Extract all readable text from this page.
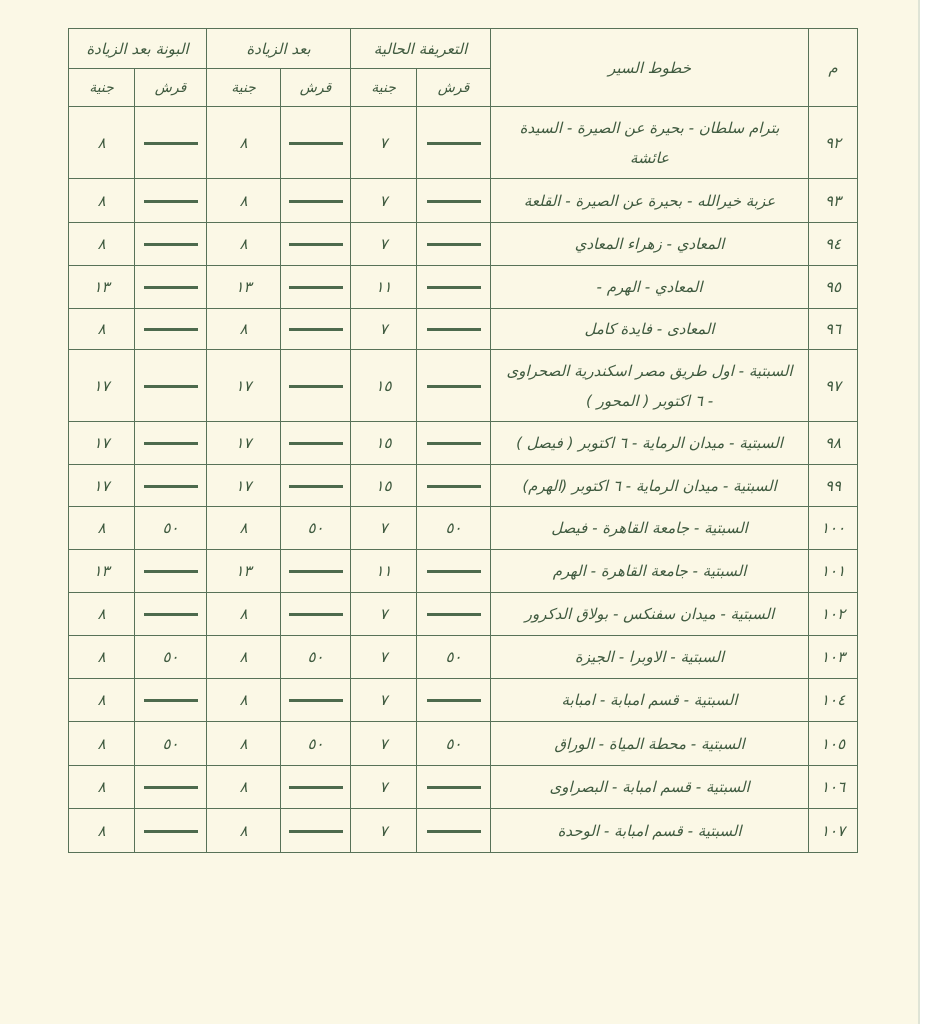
م	خطوط السير	التعريفة الحالية		بعد الزيادة		البونة بعد الزيادة	
		قرش	جنية	قرش	جنية	قرش	جنية
٩٢	بترام سلطان - بحيرة عن الصيرة - السيدة عائشة		٧		٨		٨
٩٣	عزبة خيرالله - بحيرة عن الصيرة - القلعة		٧		٨		٨
٩٤	المعادي - زهراء المعادي		٧		٨		٨
٩٥	المعادي - الهرم -		١١		١٣		١٣
٩٦	المعادى - فايدة كامل		٧		٨		٨
٩٧	السبتية - اول طريق مصر اسكندرية الصحراوى - ٦ اكتوبر ( المحور )		١٥		١٧		١٧
٩٨	السبتية - ميدان الرماية - ٦ اكتوبر ( فيصل )		١٥		١٧		١٧
٩٩	السبتية - ميدان الرماية - ٦ اكتوبر (الهرم)		١٥		١٧		١٧
١٠٠	السبتية - جامعة القاهرة - فيصل	٥٠	٧	٥٠	٨	٥٠	٨
١٠١	السبتية - جامعة القاهرة - الهرم		١١		١٣		١٣
١٠٢	السبتية - ميدان سفنكس - بولاق الدكرور		٧		٨		٨
١٠٣	السبتية - الاوبرا - الجيزة	٥٠	٧	٥٠	٨	٥٠	٨
١٠٤	السبتية - قسم امبابة - امبابة		٧		٨		٨
١٠٥	السبتية - محطة المياة - الوراق	٥٠	٧	٥٠	٨	٥٠	٨
١٠٦	السبتية - قسم امبابة - البصراوى		٧		٨		٨
١٠٧	السبتية - قسم امبابة - الوحدة		٧		٨		٨
